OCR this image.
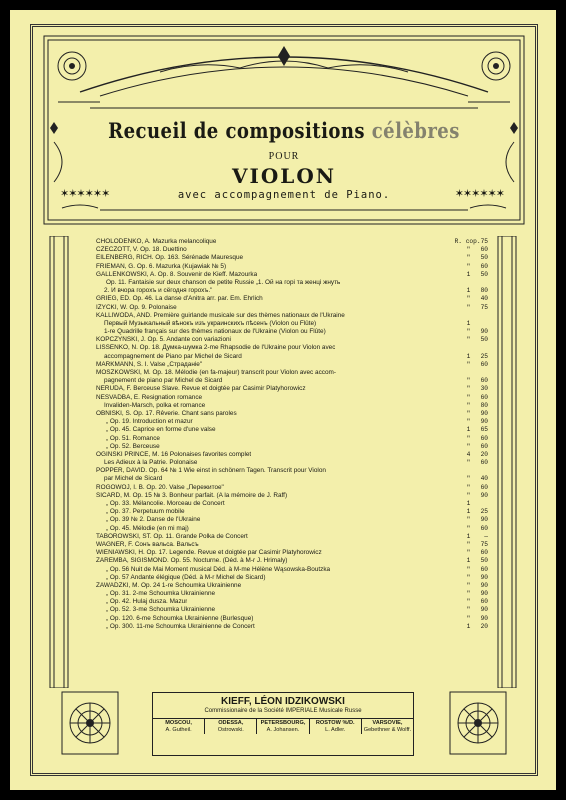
Recueil de compositions célèbres
POUR
VIOLON
✶✶✶✶✶✶	avec accompagnement de Piano.	✶✶✶✶✶✶
CHOLODENKO, A. Mazurka melancolique	R. cop.75
CZECZOTT, V. Op. 18. Duettino	" 60
EILENBERG, RICH. Op. 163. Sérénade Mauresque	" 50
FRIEMAN, G. Op. 6. Mazurka (Kujawiak № 5)	" 60
GALLENKOWSKI, A. Op. 8. Souvenir de Kieff. Mazourka	1 50
Op. 11. Fantaisie sur deux chanson de petite Russie „1. Ой на горі та женці жнуть

2. И вчора гороxъ и сёгодня горохъ."	1 80
GRIEG, ED. Op. 46. La danse d'Anitra arr. par. Em. Ehrlich	" 40
IŻYCKI, W. Op. 9. Polonaise	" 75
KALLIWODA, AND. Première guirlande musicale sur des thèmes nationaux de l'Ukraine

Первый Музыкальный вѣнокъ изъ украинскихъ пѣсенъ (Violon ou Flûte)	1
1-re Quadrille français sur des thèmes nationaux de l'Ukraine (Violon ou Flûte)	" 90
KOPCZYŃSKI, J. Op. 5. Andante con variazioni	" 50
LISSENKO, N. Op. 18. Думка-шумка 2-me Rhapsodie de l'Ukraine pour Violon avec

accompagnement de Piano par Michel de Sicard	1 25
MARKMANN, S. I. Valse „Страданіе"	" 60
MOSZKOWSKI, M. Op. 18. Mélodie (en fa-majeur) transcrit pour Violon avec accom-

pagnement de piano par Michel de Sicard	" 60
NERUDA, F. Berceuse Slave. Revue et doigtée par Casimir Platyhorowicz	" 30
NESVADBA, E. Resignation romance	" 60
Invaliden-Marsch, polka et romance	" 80
OBNISKI, S. Op. 17. Rêverie. Chant sans paroles	" 90
„ Op. 19. Introduction et mazur	" 90
„ Op. 45. Caprice en forme d'une valse	1 65
„ Op. 51. Romance	" 60
„ Op. 52. Berceuse	" 60
OGIŃSKI PRINCE, M. 16 Polonaises favorites complet	4 20
Les Adieux à la Patrie. Polonaise	" 60
POPPER, DAVID. Op. 64 № 1 Wie einst in schönern Tagen. Transcrit pour Violon

par Michel de Sicard	" 40
ROGOWOJ, I. B. Op. 20. Valse „Пережитое"	" 60
SICARD, M. Op. 15 № 3. Bonheur parfait. (A la mémoire de J. Raff)	" 90
„ Op. 33. Mélancolie. Morceau de Concert	1
„ Op. 37. Perpetuum mobile	1 25
„ Op. 39 № 2. Danse de l'Ukraine	" 90
„ Op. 45. Mélodie (en mi maj)	" 60
TABOROWSKI, ST. Op. 11. Grande Polka de Concert	1 —
WAGNER, F. Сонъ вальса. Вальсъ	" 75
WIENIAWSKI, H. Op. 17. Legende. Revue et doigtée par Casimir Platyhorowicz	" 60
ZAREMBA, SIGISMOND. Op. 55. Nocturne. (Déd. à M-r J. Hrimaly)	1 50
„ Op. 56 Nuit de Mai Moment musical Déd. à M-me Hélène Wąsowska-Boutzka	" 60
„ Op. 57 Andante élégique (Déd. à M-r Michel de Sicard)	" 90
ZAWADZKI, M. Op. 24 1-re Schoumka Ukrainienne	" 90
„ Op. 31. 2-me Schoumka Ukrainienne	" 90
„ Op. 42. Hulaj dusza. Mazur	" 60
„ Op. 52. 3-me Schoumka Ukrainienne	" 90
„ Op. 120. 6-me Schoumka Ukrainienne (Burlesque)	" 90
„ Op. 300. 11-me Schoumka Ukrainienne de Concert	1 20
KIEFF, LÉON IDZIKOWSKI
Commissionaire de la Société IMPERIALE Musicale Russe
MOSCOU,
A. Gutheil.
ODESSA,
Ostrowski.
PETERSBOURG,
A. Johansen.
ROSTOW %/D.
L. Adler.
VARSOVIE,
Gebethner & Wolff.
